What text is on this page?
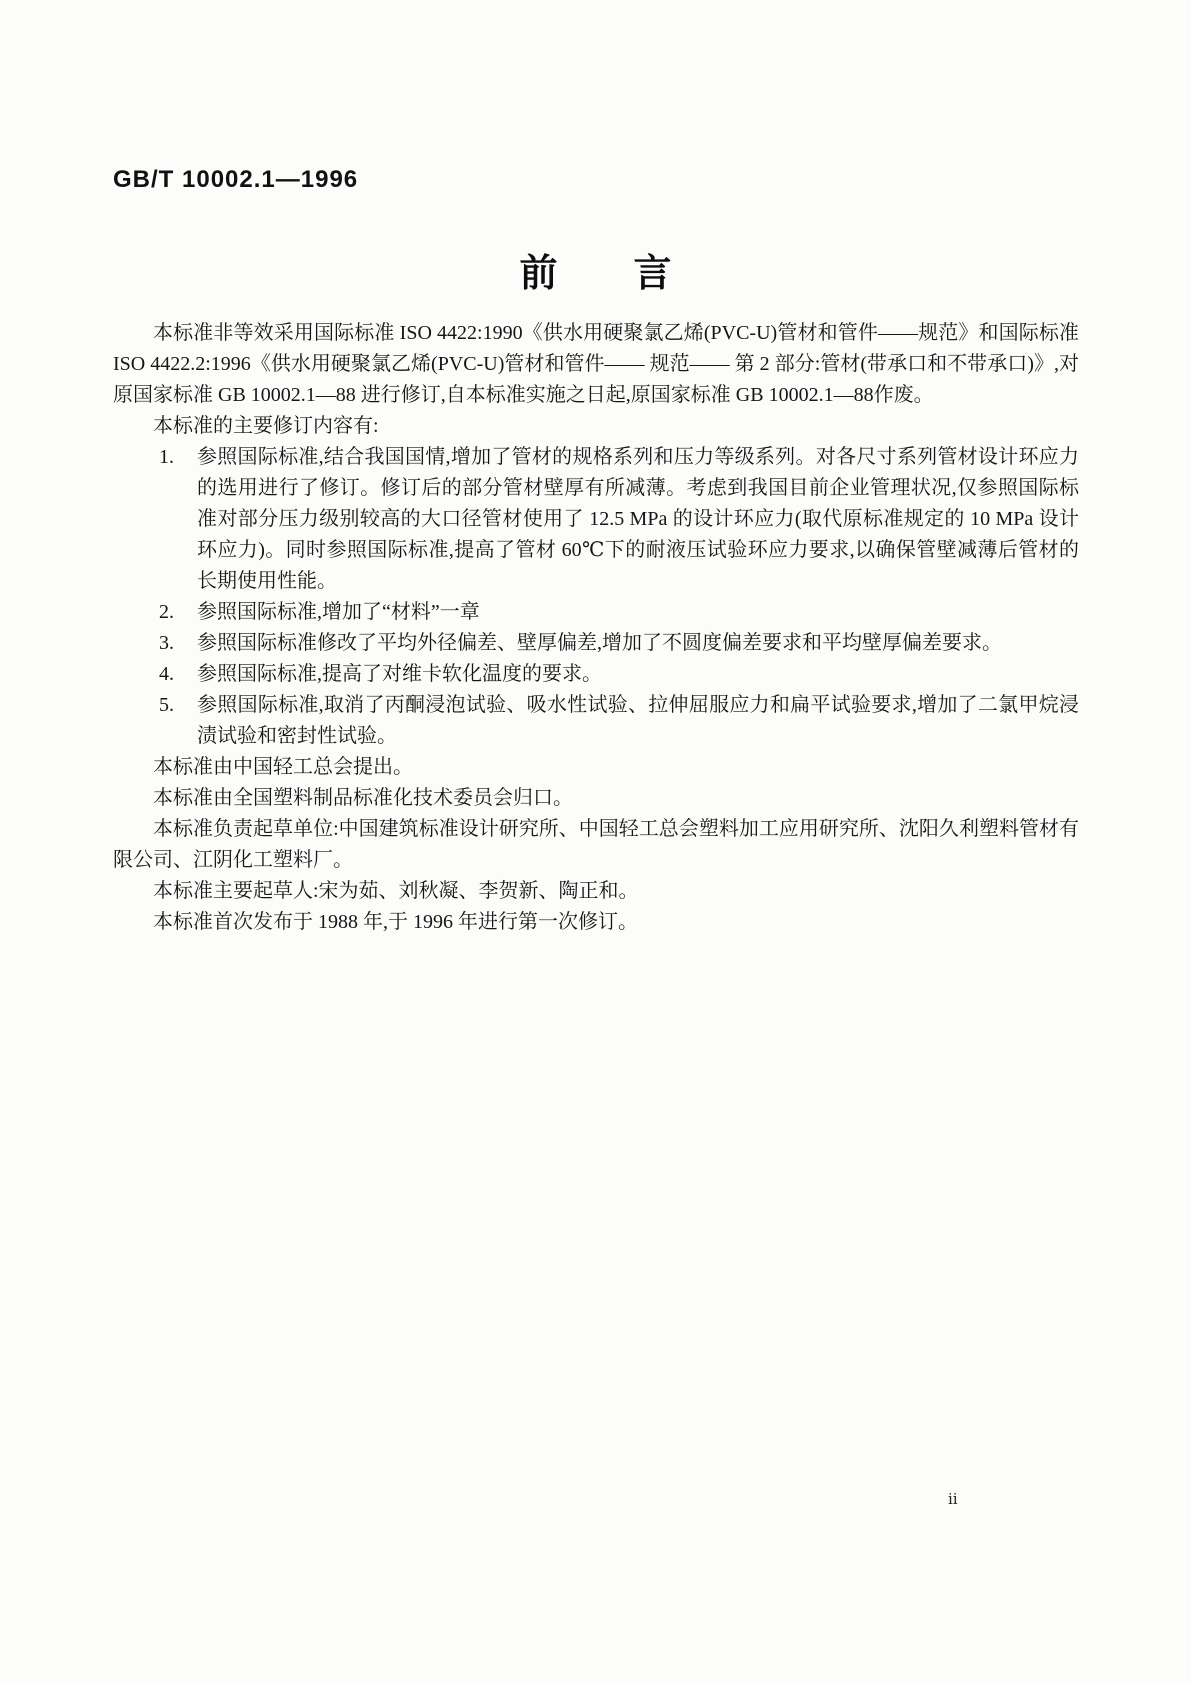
GB/T 10002.1—1996
前　　言

本标准非等效采用国际标准 ISO 4422:1990《供水用硬聚氯乙烯(PVC-U)管材和管件——规范》和国际标准 ISO 4422.2:1996《供水用硬聚氯乙烯(PVC-U)管材和管件—— 规范—— 第 2 部分:管材(带承口和不带承口)》,对原国家标准 GB 10002.1—88 进行修订,自本标准实施之日起,原国家标准 GB 10002.1—88作废。

本标准的主要修订内容有:

1. 参照国际标准,结合我国国情,增加了管材的规格系列和压力等级系列。对各尺寸系列管材设计环应力的选用进行了修订。修订后的部分管材壁厚有所减薄。考虑到我国目前企业管理状况,仅参照国际标准对部分压力级别较高的大口径管材使用了 12.5 MPa 的设计环应力(取代原标准规定的 10 MPa 设计环应力)。同时参照国际标准,提高了管材 60℃下的耐液压试验环应力要求,以确保管壁减薄后管材的长期使用性能。
2. 参照国际标准,增加了“材料”一章
3. 参照国际标准修改了平均外径偏差、壁厚偏差,增加了不圆度偏差要求和平均壁厚偏差要求。
4. 参照国际标准,提高了对维卡软化温度的要求。
5. 参照国际标准,取消了丙酮浸泡试验、吸水性试验、拉伸屈服应力和扁平试验要求,增加了二氯甲烷浸渍试验和密封性试验。

本标准由中国轻工总会提出。

本标准由全国塑料制品标准化技术委员会归口。

本标准负责起草单位:中国建筑标准设计研究所、中国轻工总会塑料加工应用研究所、沈阳久利塑料管材有限公司、江阴化工塑料厂。

本标准主要起草人:宋为茹、刘秋凝、李贺新、陶正和。

本标准首次发布于 1988 年,于 1996 年进行第一次修订。

ⅱ
